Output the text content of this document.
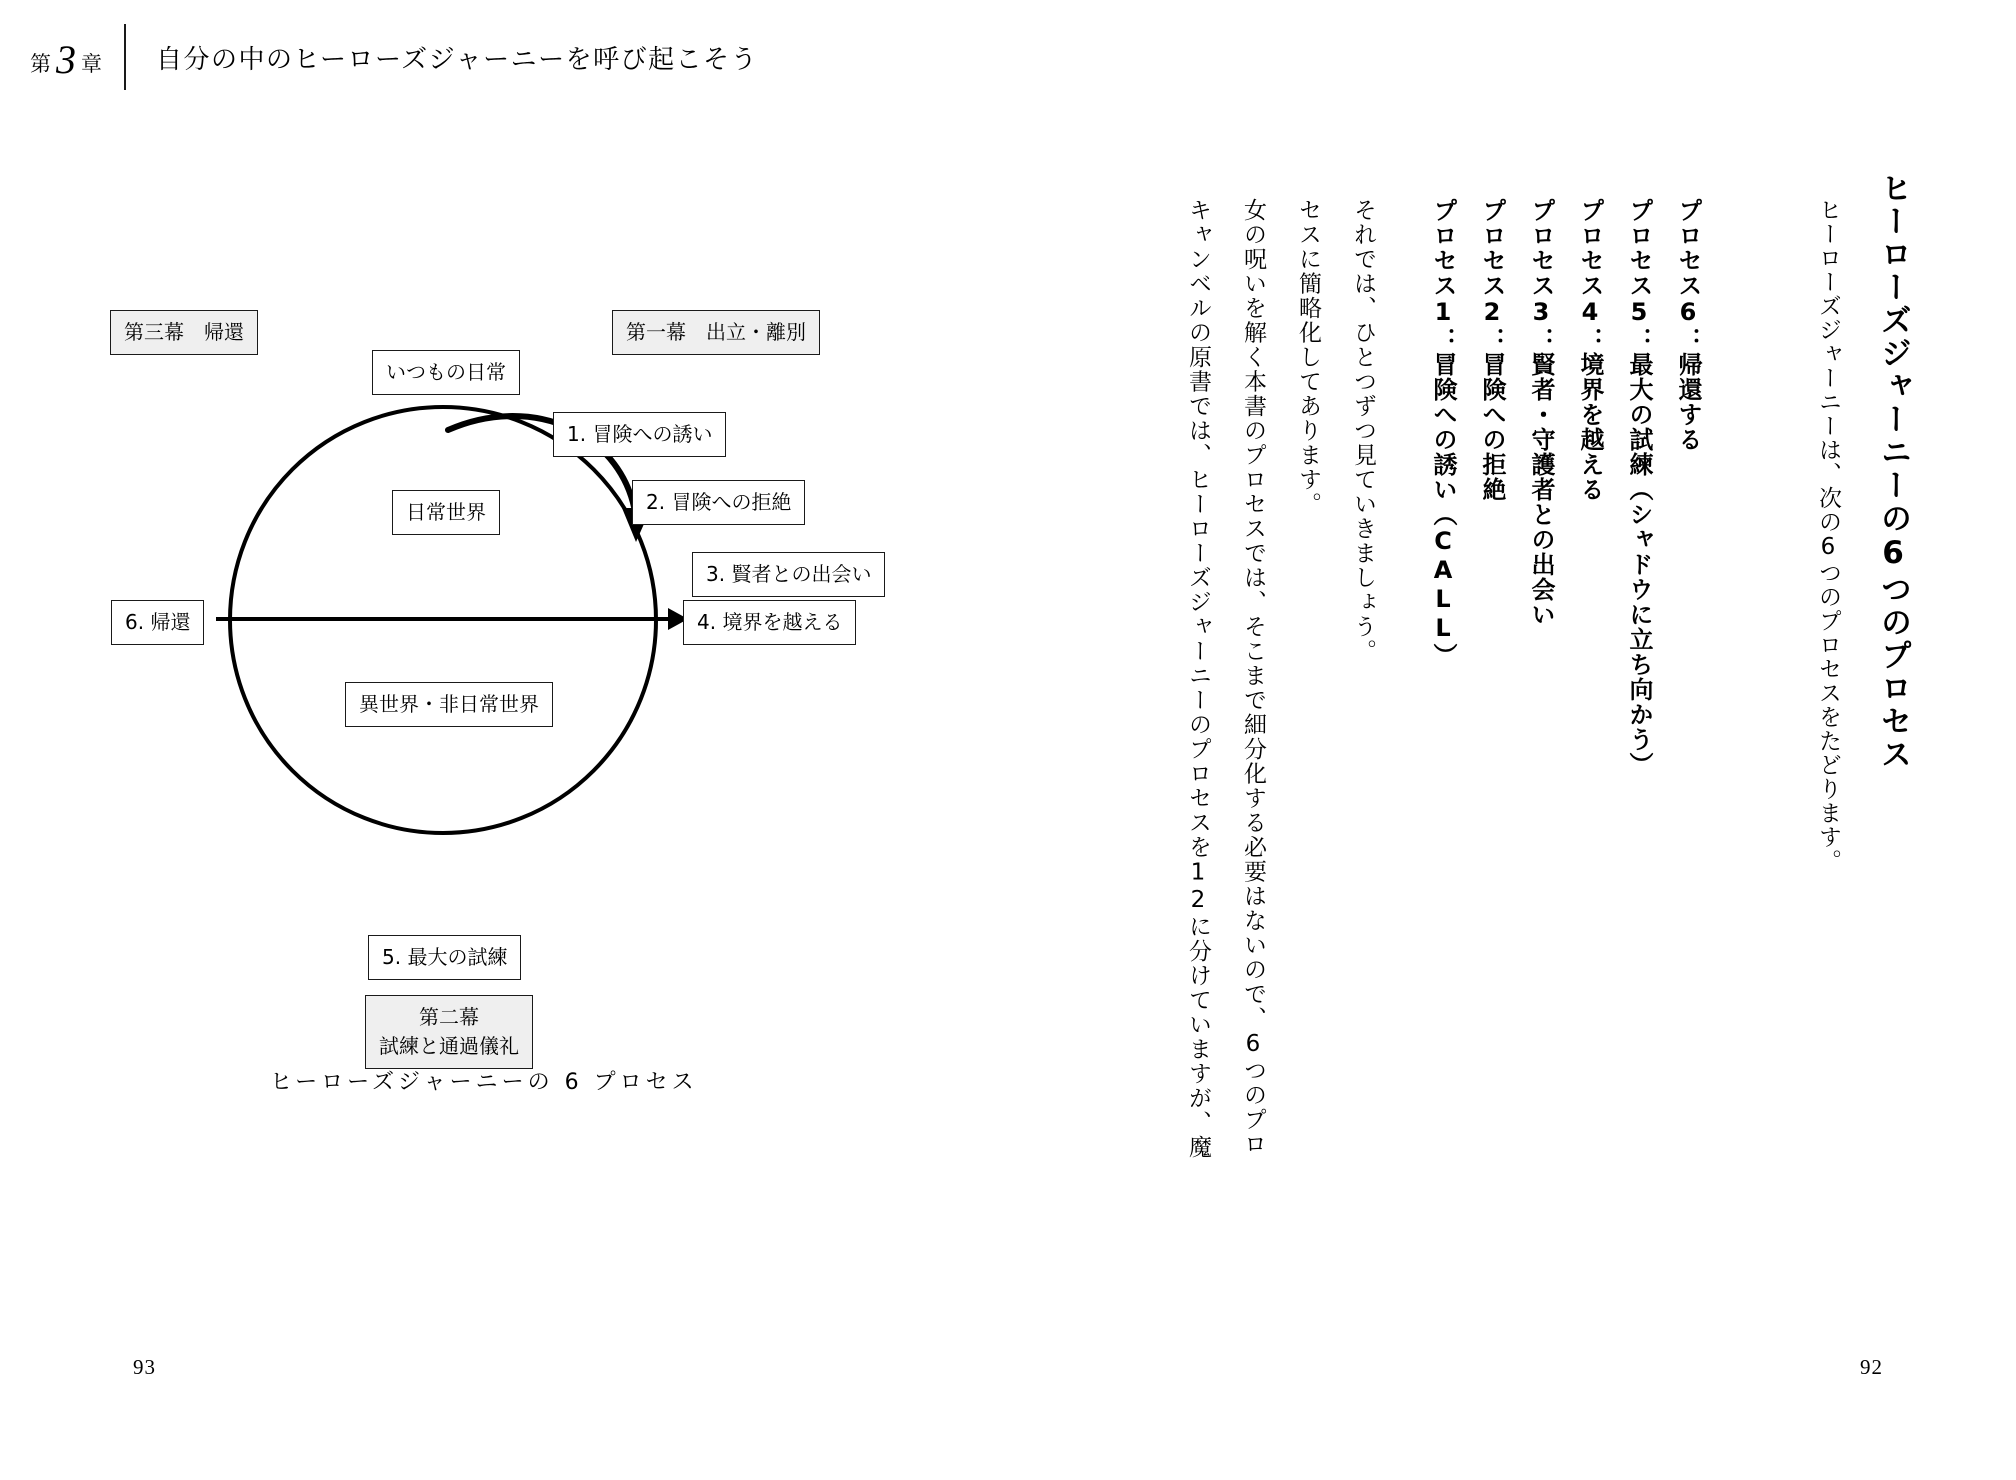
第 3 章 自分の中のヒーローズジャーニーを呼び起こそう
第三幕　帰還	第一幕　出立・離別
いつもの日常
1. 冒険への誘い
2. 冒険への拒絶
3. 賢者との出会い
4. 境界を越える
6. 帰還
5. 最大の試練
日常世界
異世界・非日常世界
第二幕
試練と通過儀礼
ヒーローズジャーニーの 6 プロセス
ヒーローズジャーニーの6つのプロセス
ヒーローズジャーニーは、次の6つのプロセスをたどります。
プロセス1：冒険への誘い（CALL） プロセス2：冒険への拒絶 プロセス3：賢者・守護者との出会い プロセス4：境界を越える プロセス5：最大の試練（シャドウに立ち向かう） プロセス6：帰還する
キャンベルの原書では、ヒーローズジャーニーのプロセスを12に分けていますが、魔 女の呪いを解く本書のプロセスでは、そこまで細分化する必要はないので、6つのプロ セスに簡略化してあります。 それでは、ひとつずつ見ていきましょう。
93	92
